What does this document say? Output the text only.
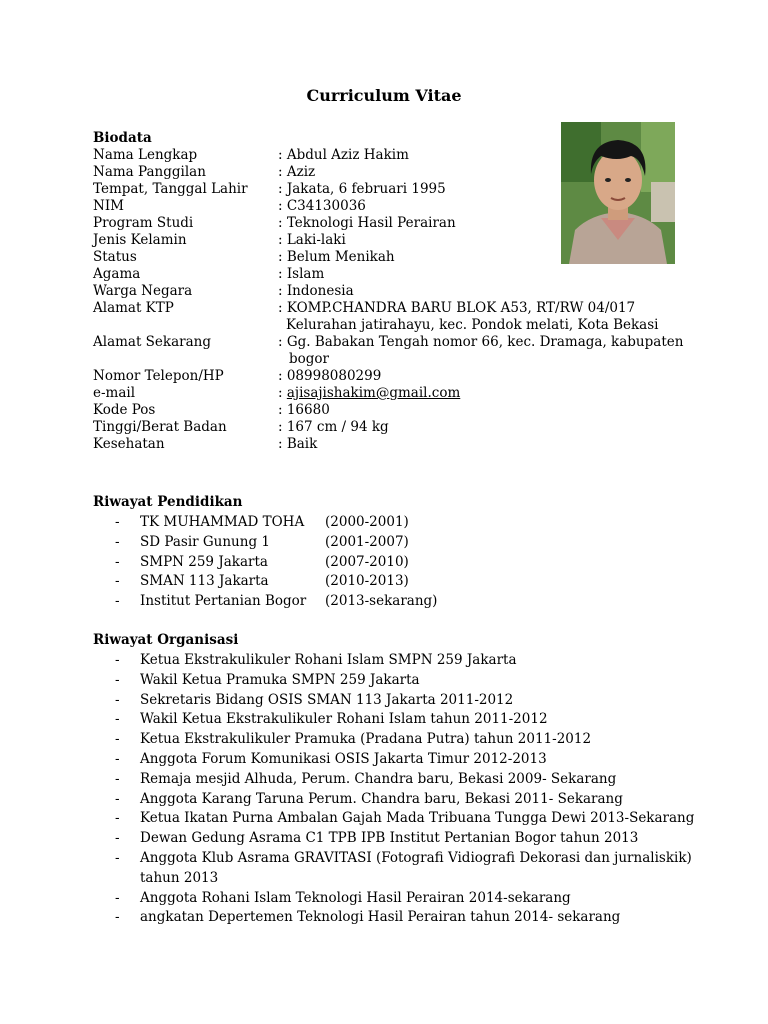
Curriculum Vitae
Biodata
Nama Lengkap	: Abdul Aziz Hakim
Nama Panggilan	: Aziz
Tempat, Tanggal Lahir : Jakata, 6 februari 1995
NIM	: C34130036
Program Studi	: Teknologi Hasil Perairan
Jenis Kelamin	: Laki-laki
Status	: Belum Menikah
Agama	: Islam
Warga Negara	: Indonesia
Alamat KTP	: KOMP.CHANDRA BARU BLOK A53, RT/RW 04/017
Kelurahan jatirahayu, kec. Pondok melati, Kota Bekasi
Alamat Sekarang	: Gg. Babakan Tengah nomor 66, kec. Dramaga, kabupaten
bogor
Nomor Telepon/HP	: 08998080299
e-mail	: ajisajishakim@gmail.com
Kode Pos	: 16680
Tinggi/Berat Badan	: 167 cm / 94 kg
Kesehatan	: Baik
Riwayat Pendidikan
- TK MUHAMMAD TOHA (2000-2001)
- SD Pasir Gunung 1	(2001-2007)
- SMPN 259 Jakarta	(2007-2010)
- SMAN 113 Jakarta	(2010-2013)
- Institut Pertanian Bogor (2013-sekarang)
Riwayat Organisasi
- Ketua Ekstrakulikuler Rohani Islam SMPN 259 Jakarta
- Wakil Ketua Pramuka SMPN 259 Jakarta
- Sekretaris Bidang OSIS SMAN 113 Jakarta 2011-2012
- Wakil Ketua Ekstrakulikuler Rohani Islam tahun 2011-2012
- Ketua Ekstrakulikuler Pramuka (Pradana Putra) tahun 2011-2012
- Anggota Forum Komunikasi OSIS Jakarta Timur 2012-2013
- Remaja mesjid Alhuda, Perum. Chandra baru, Bekasi 2009- Sekarang
- Anggota Karang Taruna Perum. Chandra baru, Bekasi 2011- Sekarang
- Ketua Ikatan Purna Ambalan Gajah Mada Tribuana Tungga Dewi 2013-Sekarang
- Dewan Gedung Asrama C1 TPB IPB Institut Pertanian Bogor tahun 2013
- Anggota Klub Asrama GRAVITASI (Fotografi Vidiografi Dekorasi dan jurnaliskik)
tahun 2013
- Anggota Rohani Islam Teknologi Hasil Perairan 2014-sekarang
- angkatan Depertemen Teknologi Hasil Perairan tahun 2014- sekarang
